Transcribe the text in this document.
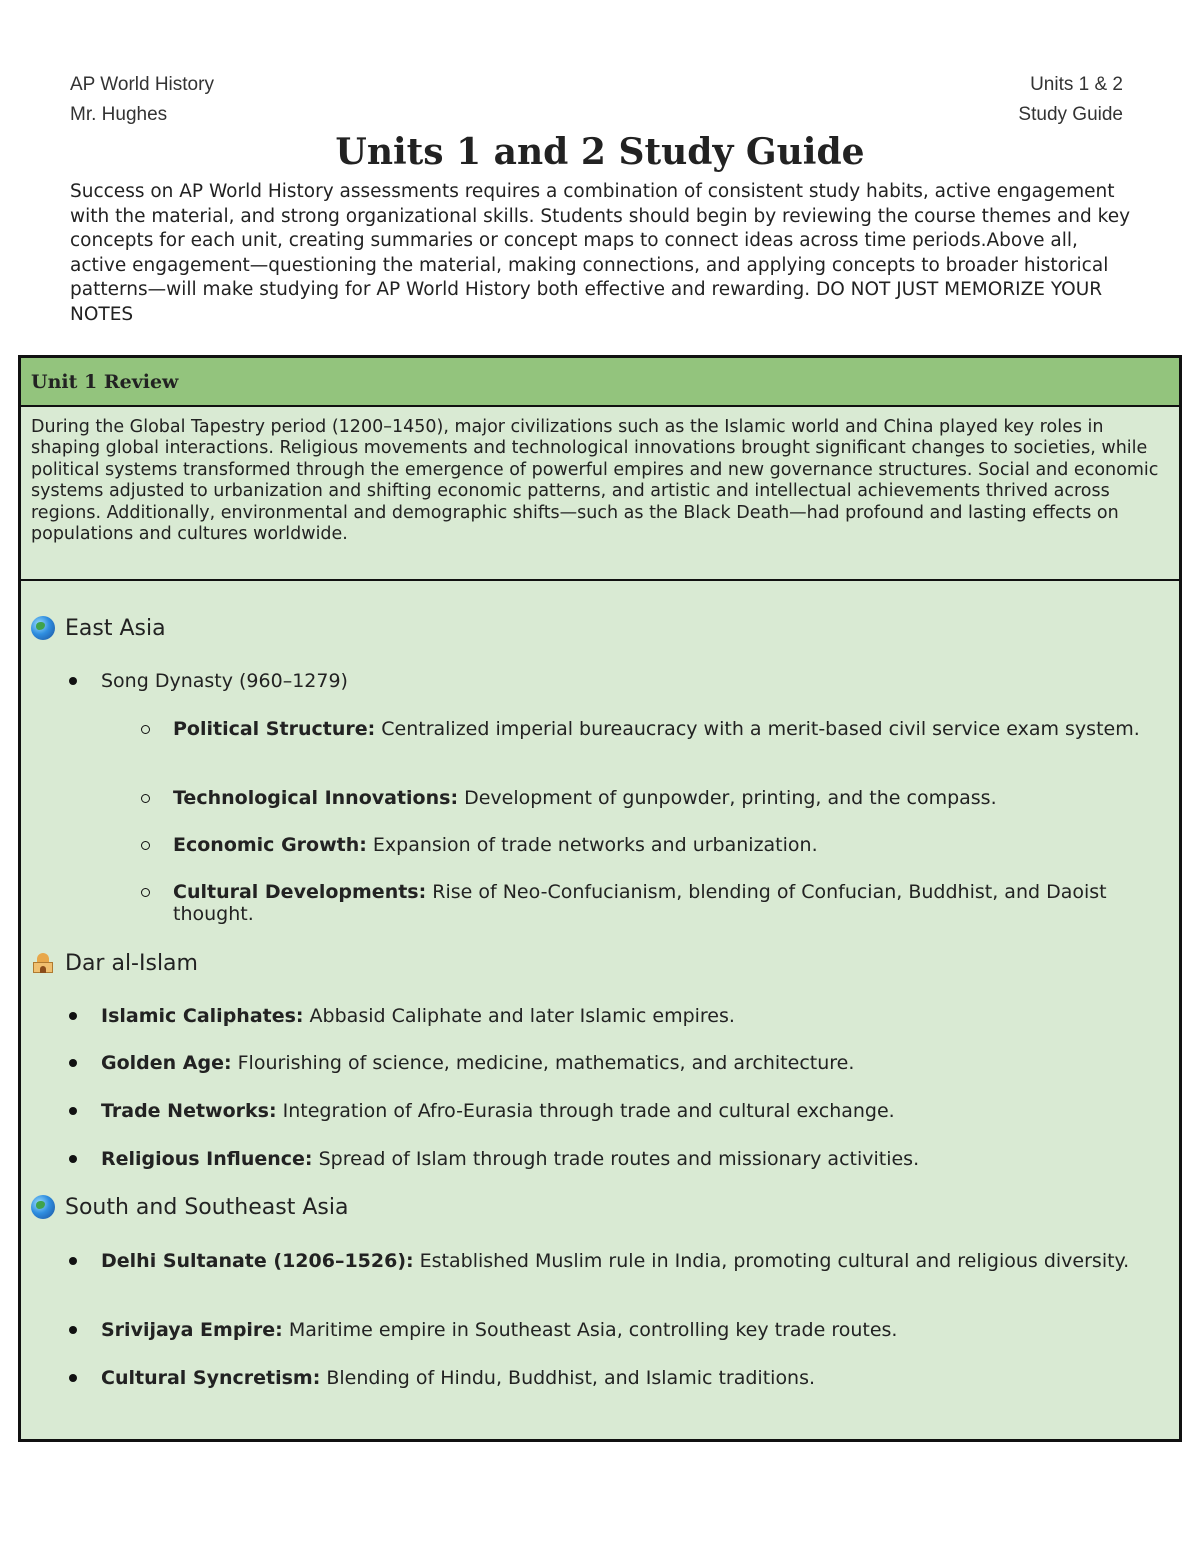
AP World History
Mr. Hughes
Units 1 & 2
Study Guide
Units 1 and 2 Study Guide
Success on AP World History assessments requires a combination of consistent study habits, active engagement with the material, and strong organizational skills. Students should begin by reviewing the course themes and key concepts for each unit, creating summaries or concept maps to connect ideas across time periods.Above all, active engagement—questioning the material, making connections, and applying concepts to broader historical patterns—will make studying for AP World History both effective and rewarding. DO NOT JUST MEMORIZE YOUR NOTES
Unit 1 Review
During the Global Tapestry period (1200–1450), major civilizations such as the Islamic world and China played key roles in shaping global interactions. Religious movements and technological innovations brought significant changes to societies, while political systems transformed through the emergence of powerful empires and new governance structures. Social and economic systems adjusted to urbanization and shifting economic patterns, and artistic and intellectual achievements thrived across regions. Additionally, environmental and demographic shifts—such as the Black Death—had profound and lasting effects on populations and cultures worldwide.
East Asia
Song Dynasty (960–1279)
Political Structure: Centralized imperial bureaucracy with a merit-based civil service exam system.
Technological Innovations: Development of gunpowder, printing, and the compass.
Economic Growth: Expansion of trade networks and urbanization.
Cultural Developments: Rise of Neo-Confucianism, blending of Confucian, Buddhist, and Daoist thought.
Dar al-Islam
Islamic Caliphates: Abbasid Caliphate and later Islamic empires.
Golden Age: Flourishing of science, medicine, mathematics, and architecture.
Trade Networks: Integration of Afro-Eurasia through trade and cultural exchange.
Religious Influence: Spread of Islam through trade routes and missionary activities.
South and Southeast Asia
Delhi Sultanate (1206–1526): Established Muslim rule in India, promoting cultural and religious diversity.
Srivijaya Empire: Maritime empire in Southeast Asia, controlling key trade routes.
Cultural Syncretism: Blending of Hindu, Buddhist, and Islamic traditions.
